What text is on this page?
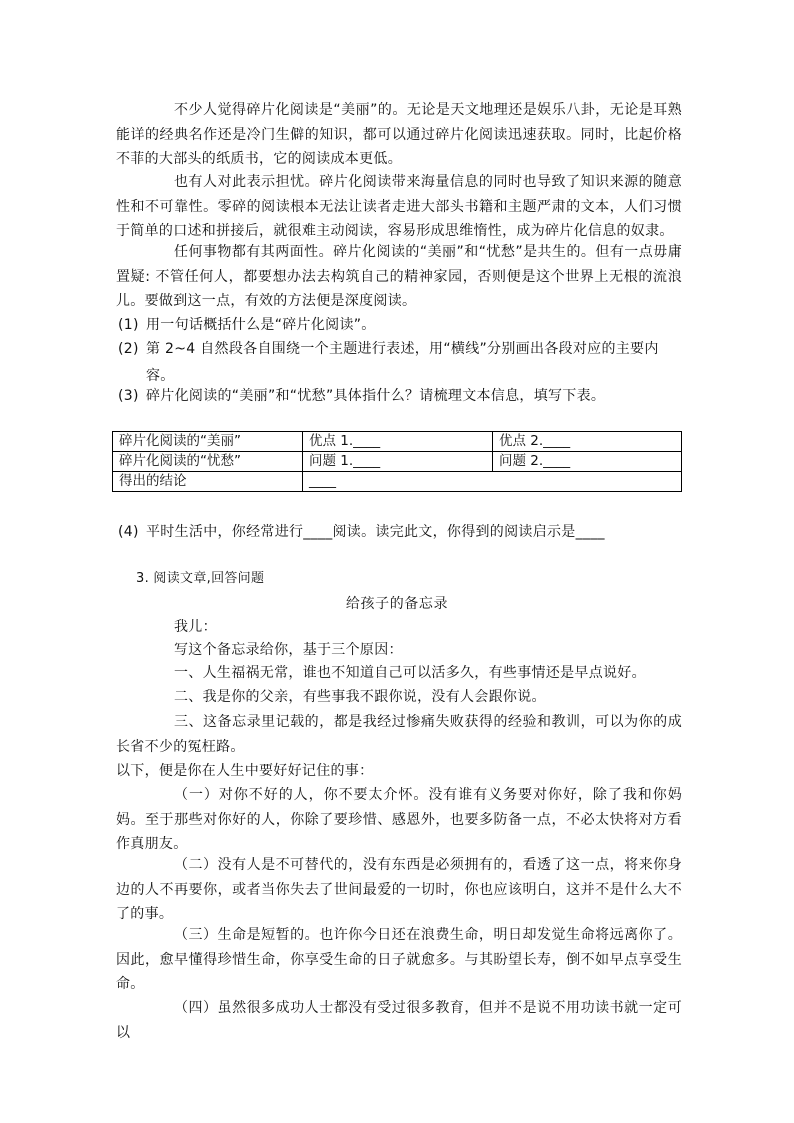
不少人觉得碎片化阅读是“美丽”的。无论是天文地理还是娱乐八卦，无论是耳熟能详的经典名作还是冷门生僻的知识，都可以通过碎片化阅读迅速获取。同时，比起价格不菲的大部头的纸质书，它的阅读成本更低。

也有人对此表示担忧。碎片化阅读带来海量信息的同时也导致了知识来源的随意性和不可靠性。零碎的阅读根本无法让读者走进大部头书籍和主题严肃的文本，人们习惯于简单的口述和拼接后，就很难主动阅读，容易形成思维惰性，成为碎片化信息的奴隶。

任何事物都有其两面性。碎片化阅读的“美丽”和“忧愁”是共生的。但有一点毋庸置疑: 不管任何人，都要想办法去构筑自己的精神家园，否则便是这个世界上无根的流浪儿。要做到这一点，有效的方法便是深度阅读。

(1) 用一句话概括什么是“碎片化阅读”。
(2) 第 2~4 自然段各自围绕一个主题进行表述，用“横线”分别画出各段对应的主要内容。
(3) 碎片化阅读的“美丽”和“忧愁”具体指什么？请梳理文本信息，填写下表。
碎片化阅读的“美丽”	优点 1.____	优点 2.____
碎片化阅读的“忧愁”	问题 1.____	问题 2.____
得出的结论	____	
(4) 平时生活中，你经常进行____阅读。读完此文，你得到的阅读启示是____

3. 阅读文章,回答问题

给孩子的备忘录

我儿：

写这个备忘录给你，基于三个原因：

一、人生福祸无常，谁也不知道自己可以活多久，有些事情还是早点说好。

二、我是你的父亲，有些事我不跟你说，没有人会跟你说。

三、这备忘录里记载的，都是我经过惨痛失败获得的经验和教训，可以为你的成长省不少的冤枉路。

以下，便是你在人生中要好好记住的事：

（一）对你不好的人，你不要太介怀。没有谁有义务要对你好，除了我和你妈妈。至于那些对你好的人，你除了要珍惜、感恩外，也要多防备一点，不必太快将对方看作真朋友。

（二）没有人是不可替代的，没有东西是必须拥有的，看透了这一点，将来你身边的人不再要你，或者当你失去了世间最爱的一切时，你也应该明白，这并不是什么大不了的事。

（三）生命是短暂的。也许你今日还在浪费生命，明日却发觉生命将远离你了。因此，愈早懂得珍惜生命，你享受生命的日子就愈多。与其盼望长寿，倒不如早点享受生命。

（四）虽然很多成功人士都没有受过很多教育，但并不是说不用功读书就一定可以
